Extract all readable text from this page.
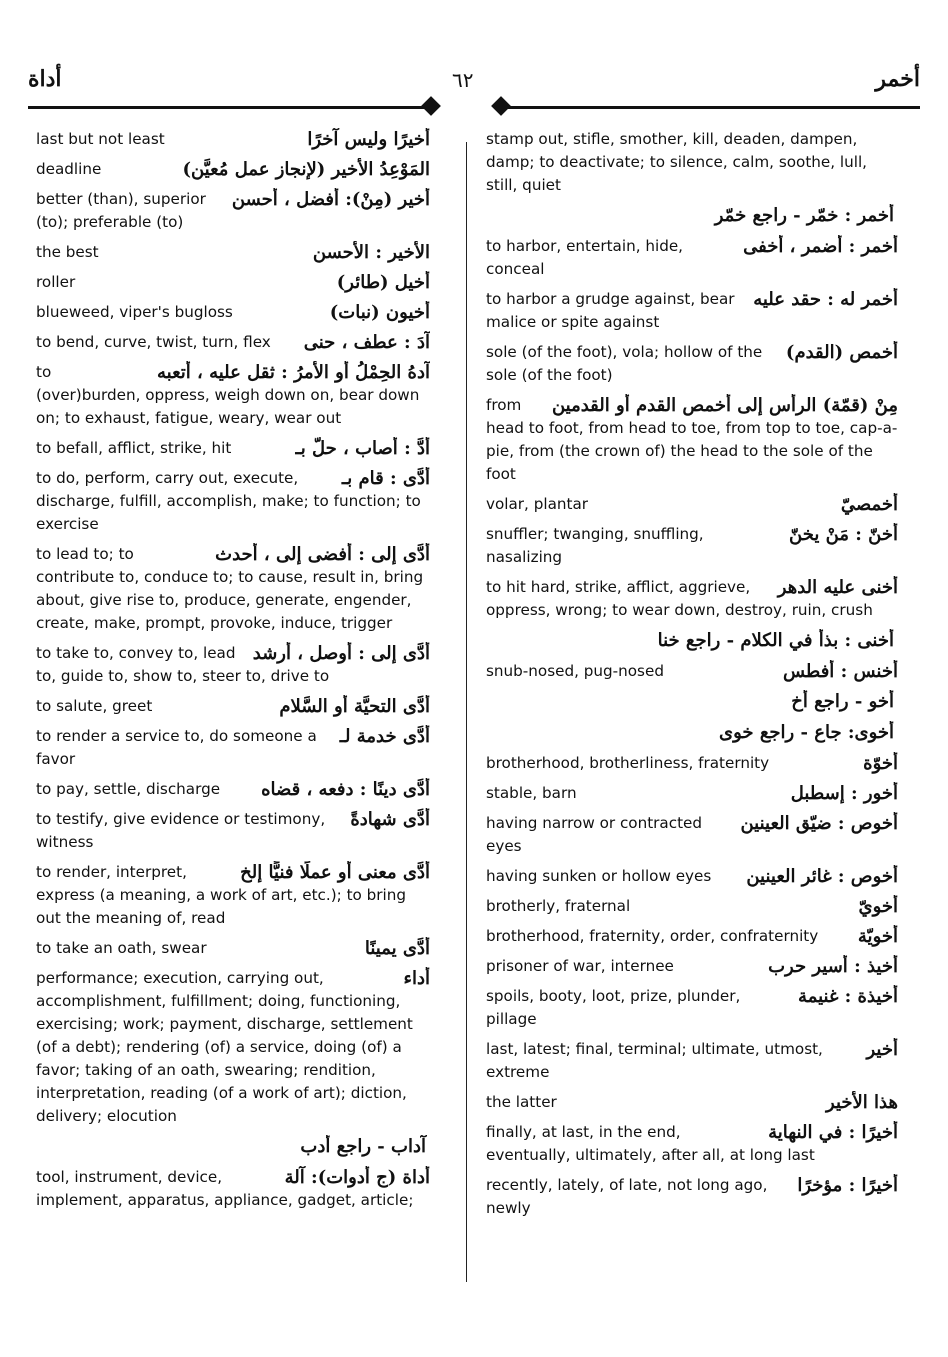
أداة	٦٢	أخمر
أخيرًا وليس آخرًا
last but not least
المَوْعِدُ الأخير (لإنجاز عمل مُعيَّن)
deadline
أخير (مِنْ): أفضل ، أحسن
better (than), superior (to); preferable (to)
الأخير : الأحسن
the best
أخيل (طائر)
roller
أخيون (نبات)
blueweed, viper's bugloss
آدَ : عطف ، حنى
to bend, curve, twist, turn, flex
آدهُ الحِمْلُ أو الأمرُ : ثقل عليه ، أتعبه
to (over)burden, oppress, weigh down on, bear down on; to exhaust, fatigue, weary, wear out
أدَّ : أصاب ، حلَّ بـ
to befall, afflict, strike, hit
أدَّى : قام بـ
to do, perform, carry out, execute, discharge, fulfill, accomplish, make; to function; to exercise
أدَّى إلى : أفضى إلى ، أحدث
to lead to; to contribute to, conduce to; to cause, result in, bring about, give rise to, produce, generate, engender, create, make, prompt, provoke, induce, trigger
أدَّى إلى : أوصل ، أرشد
to take to, convey to, lead to, guide to, show to, steer to, drive to
أدَّى التحيَّة أو السَّلام
to salute, greet
أدَّى خدمة لـ
to render a service to, do someone a favor
أدَّى دينًا : دفعه ، قضاه
to pay, settle, discharge
أدَّى شهادةً
to testify, give evidence or testimony, witness
أدَّى معنى أو عملًا فنيًّا إلخ
to render, interpret, express (a meaning, a work of art, etc.); to bring out the meaning of, read
أدَّى يمينًا
to take an oath, swear
أداء
performance; execution, carrying out, accomplishment, fulfillment; doing, functioning, exercising; work; payment, discharge, settlement (of a debt); rendering (of) a service, doing (of) a favor; taking of an oath, swearing; rendition, interpretation, reading (of a work of art); diction, delivery; elocution
آداب - راجع أدب
أداة (ج أدوات): آلة
tool, instrument, device, implement, apparatus, appliance, gadget, article;
stamp out, stifle, smother, kill, deaden, dampen, damp; to deactivate; to silence, calm, soothe, lull, still, quiet
أخمر : خمّر - راجع خمّر
أخمر : أضمر ، أخفى
to harbor, entertain, hide, conceal
أخمر له : حقد عليه
to harbor a grudge against, bear malice or spite against
أخمص (القدم)
sole (of the foot), vola; hollow of the sole (of the foot)
مِنْ (قمّة) الرأس إلى أخمص القدم أو القدمين
from head to foot, from head to toe, from top to toe, cap-a-pie, from (the crown of) the head to the sole of the foot
أخمصيّ
volar, plantar
أخنّ : مَنْ يخنّ
snuffler; twanging, snuffling, nasalizing
أخنى عليه الدهر
to hit hard, strike, afflict, aggrieve, oppress, wrong; to wear down, destroy, ruin, crush
أخنى : بذأ في الكلام - راجع خنا
أخنس : أفطس
snub-nosed, pug-nosed
أخو - راجع أخ
أخوى: جاع - راجع خوى
أخوّة
brotherhood, brotherliness, fraternity
أخور : إسطبل
stable, barn
أخوص : ضيّق العينين
having narrow or contracted eyes
أخوص : غائر العينين
having sunken or hollow eyes
أخويّ
brotherly, fraternal
أخويّة
brotherhood, fraternity, order, confraternity
أخيذ : أسير حرب
prisoner of war, internee
أخيذة : غنيمة
spoils, booty, loot, prize, plunder, pillage
أخير
last, latest; final, terminal; ultimate, utmost, extreme
هذا الأخير
the latter
أخيرًا : في النهاية
finally, at last, in the end, eventually, ultimately, after all, at long last
أخيرًا : مؤخرًا
recently, lately, of late, not long ago, newly
